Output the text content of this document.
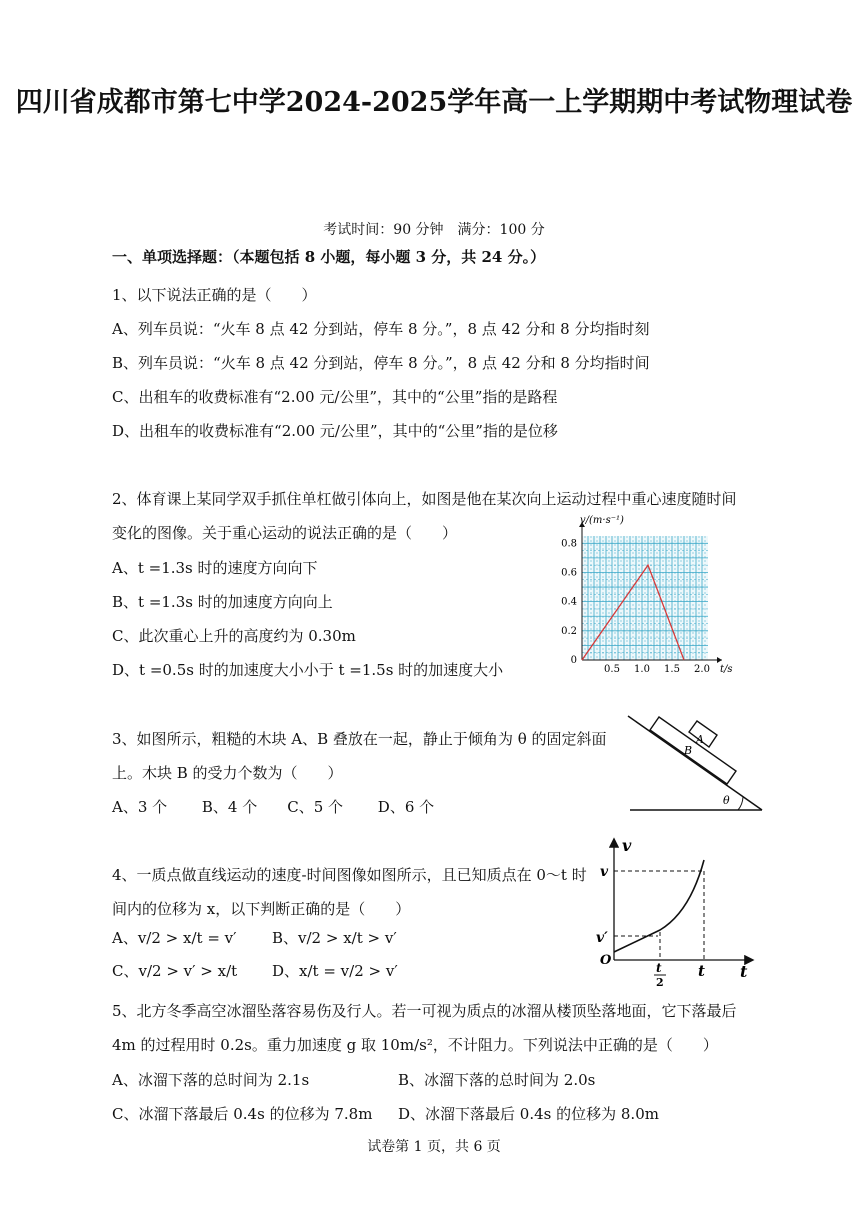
四川省成都市第七中学2024-2025学年高一上学期期中考试物理试卷
考试时间：90 分钟　满分：100 分
一、单项选择题：（本题包括 8 小题，每小题 3 分，共 24 分。）
1、以下说法正确的是（　　）
A、列车员说：“火车 8 点 42 分到站，停车 8 分。”，8 点 42 分和 8 分均指时刻
B、列车员说：“火车 8 点 42 分到站，停车 8 分。”，8 点 42 分和 8 分均指时间
C、出租车的收费标准有“2.00 元/公里”，其中的“公里”指的是路程
D、出租车的收费标准有“2.00 元/公里”，其中的“公里”指的是位移
2、体育课上某同学双手抓住单杠做引体向上，如图是他在某次向上运动过程中重心速度随时间
变化的图像。关于重心运动的说法正确的是（　　）
A、t =1.3s 时的速度方向向下
B、t =1.3s 时的加速度方向向上
C、此次重心上升的高度约为 0.30m
D、t =0.5s 时的加速度大小小于 t =1.5s 时的加速度大小	0.5 1.0 1.5 2.0
0
0.2
0.4
0.6
0.8
v/(m·s⁻¹)
t/s
3、如图所示，粗糙的木块 A、B 叠放在一起，静止于倾角为 θ 的固定斜面
上。木块 B 的受力个数为（　　）
A、3 个　　 B、4 个　　C、5 个　　 D、6 个
A
B
θ
4、一质点做直线运动的速度-时间图像如图所示，且已知质点在 0～t 时
间内的位移为 x，以下判断正确的是（　　）
A、v/2 > x/t = v′ B、v/2 > x/t > v′
C、v/2 > v′ > x/t D、x/t = v/2 > v′
v
v
v′
O
t t
t
2
5、北方冬季高空冰溜坠落容易伤及行人。若一可视为质点的冰溜从楼顶坠落地面，它下落最后
4m 的过程用时 0.2s。重力加速度 g 取 10m/s²，不计阻力。下列说法中正确的是（　　）
A、冰溜下落的总时间为 2.1s	B、冰溜下落的总时间为 2.0s
C、冰溜下落最后 0.4s 的位移为 7.8m D、冰溜下落最后 0.4s 的位移为 8.0m
试卷第 1 页，共 6 页
